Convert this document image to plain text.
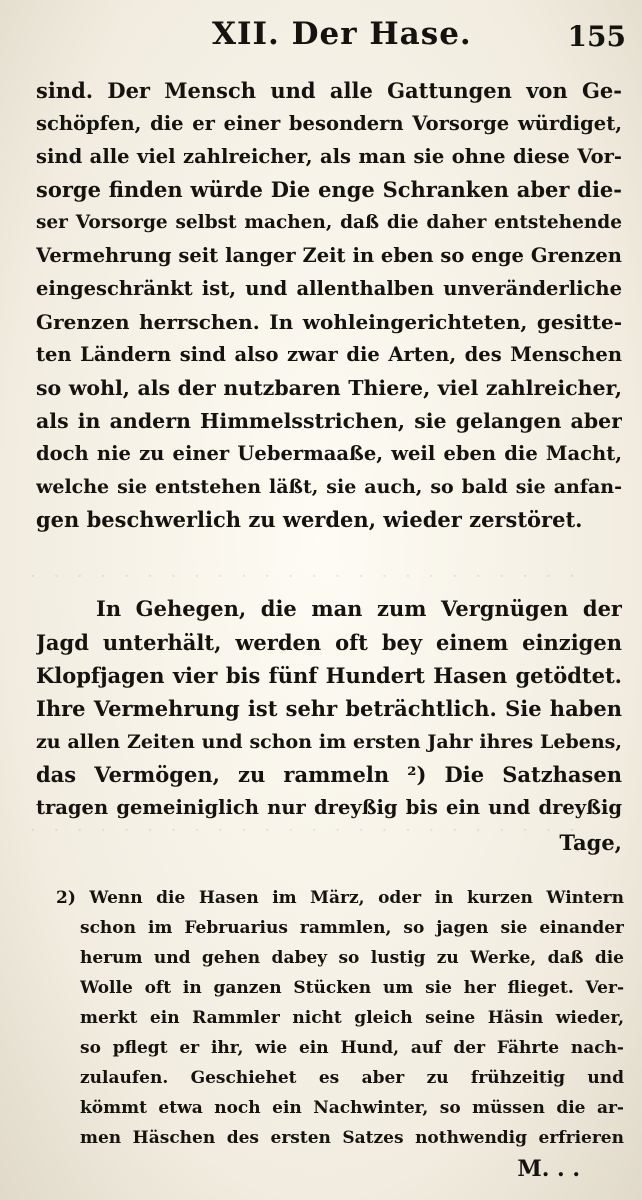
· · · · · · · · · · · · · · · · · · · · · · · ·
· · · · · · · · · · · · · · · · · · · · · · · ·
XII. Der Hase.	155
sind. Der Mensch und alle Gattungen von Ge-
schöpfen, die er einer besondern Vorsorge würdiget,
sind alle viel zahlreicher, als man sie ohne diese Vor-
sorge finden würde Die enge Schranken aber die-
ser Vorsorge selbst machen, daß die daher entstehende
Vermehrung seit langer Zeit in eben so enge Grenzen
eingeschränkt ist, und allenthalben unveränderliche
Grenzen herrschen. In wohleingerichteten, gesitte-
ten Ländern sind also zwar die Arten, des Menschen
so wohl, als der nutzbaren Thiere, viel zahlreicher,
als in andern Himmelsstrichen, sie gelangen aber
doch nie zu einer Uebermaaße, weil eben die Macht,
welche sie entstehen läßt, sie auch, so bald sie anfan-
gen beschwerlich zu werden, wieder zerstöret.
In Gehegen, die man zum Vergnügen der
Jagd unterhält, werden oft bey einem einzigen
Klopfjagen vier bis fünf Hundert Hasen getödtet.
Ihre Vermehrung ist sehr beträchtlich. Sie haben
zu allen Zeiten und schon im ersten Jahr ihres Lebens,
das Vermögen, zu rammeln ²) Die Satzhasen
tragen gemeiniglich nur dreyßig bis ein und dreyßig
Tage,
2) Wenn die Hasen im März, oder in kurzen Wintern
schon im Februarius rammlen, so jagen sie einander
herum und gehen dabey so lustig zu Werke, daß die
Wolle oft in ganzen Stücken um sie her flieget. Ver-
merkt ein Rammler nicht gleich seine Häsin wieder,
so pflegt er ihr, wie ein Hund, auf der Fährte nach-
zulaufen. Geschiehet es aber zu frühzeitig und
kömmt etwa noch ein Nachwinter, so müssen die ar-
men Häschen des ersten Satzes nothwendig erfrieren
M. . .
